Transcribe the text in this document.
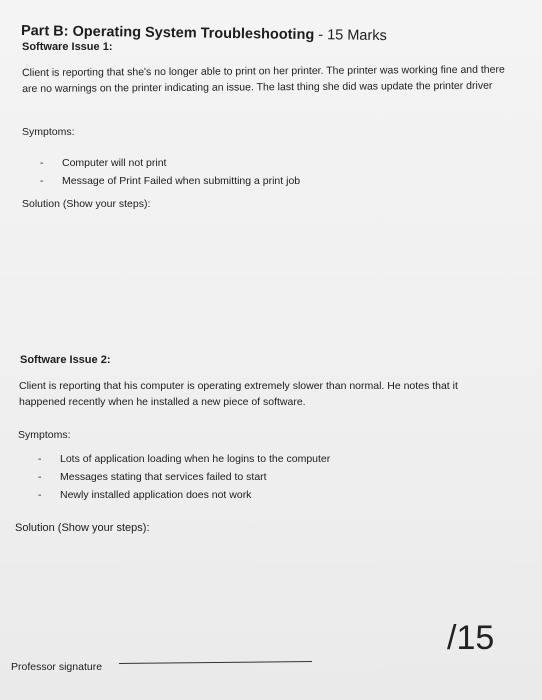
Part B: Operating System Troubleshooting - 15 Marks
Software Issue 1:
Client is reporting that she's no longer able to print on her printer. The printer was working fine and there are no warnings on the printer indicating an issue. The last thing she did was update the printer driver
Symptoms:
- Computer will not print
- Message of Print Failed when submitting a print job
Solution (Show your steps):
Software Issue 2:
Client is reporting that his computer is operating extremely slower than normal. He notes that it happened recently when he installed a new piece of software.
Symptoms:
- Lots of application loading when he logins to the computer
- Messages stating that services failed to start
- Newly installed application does not work
Solution (Show your steps):
/15
Professor signature
